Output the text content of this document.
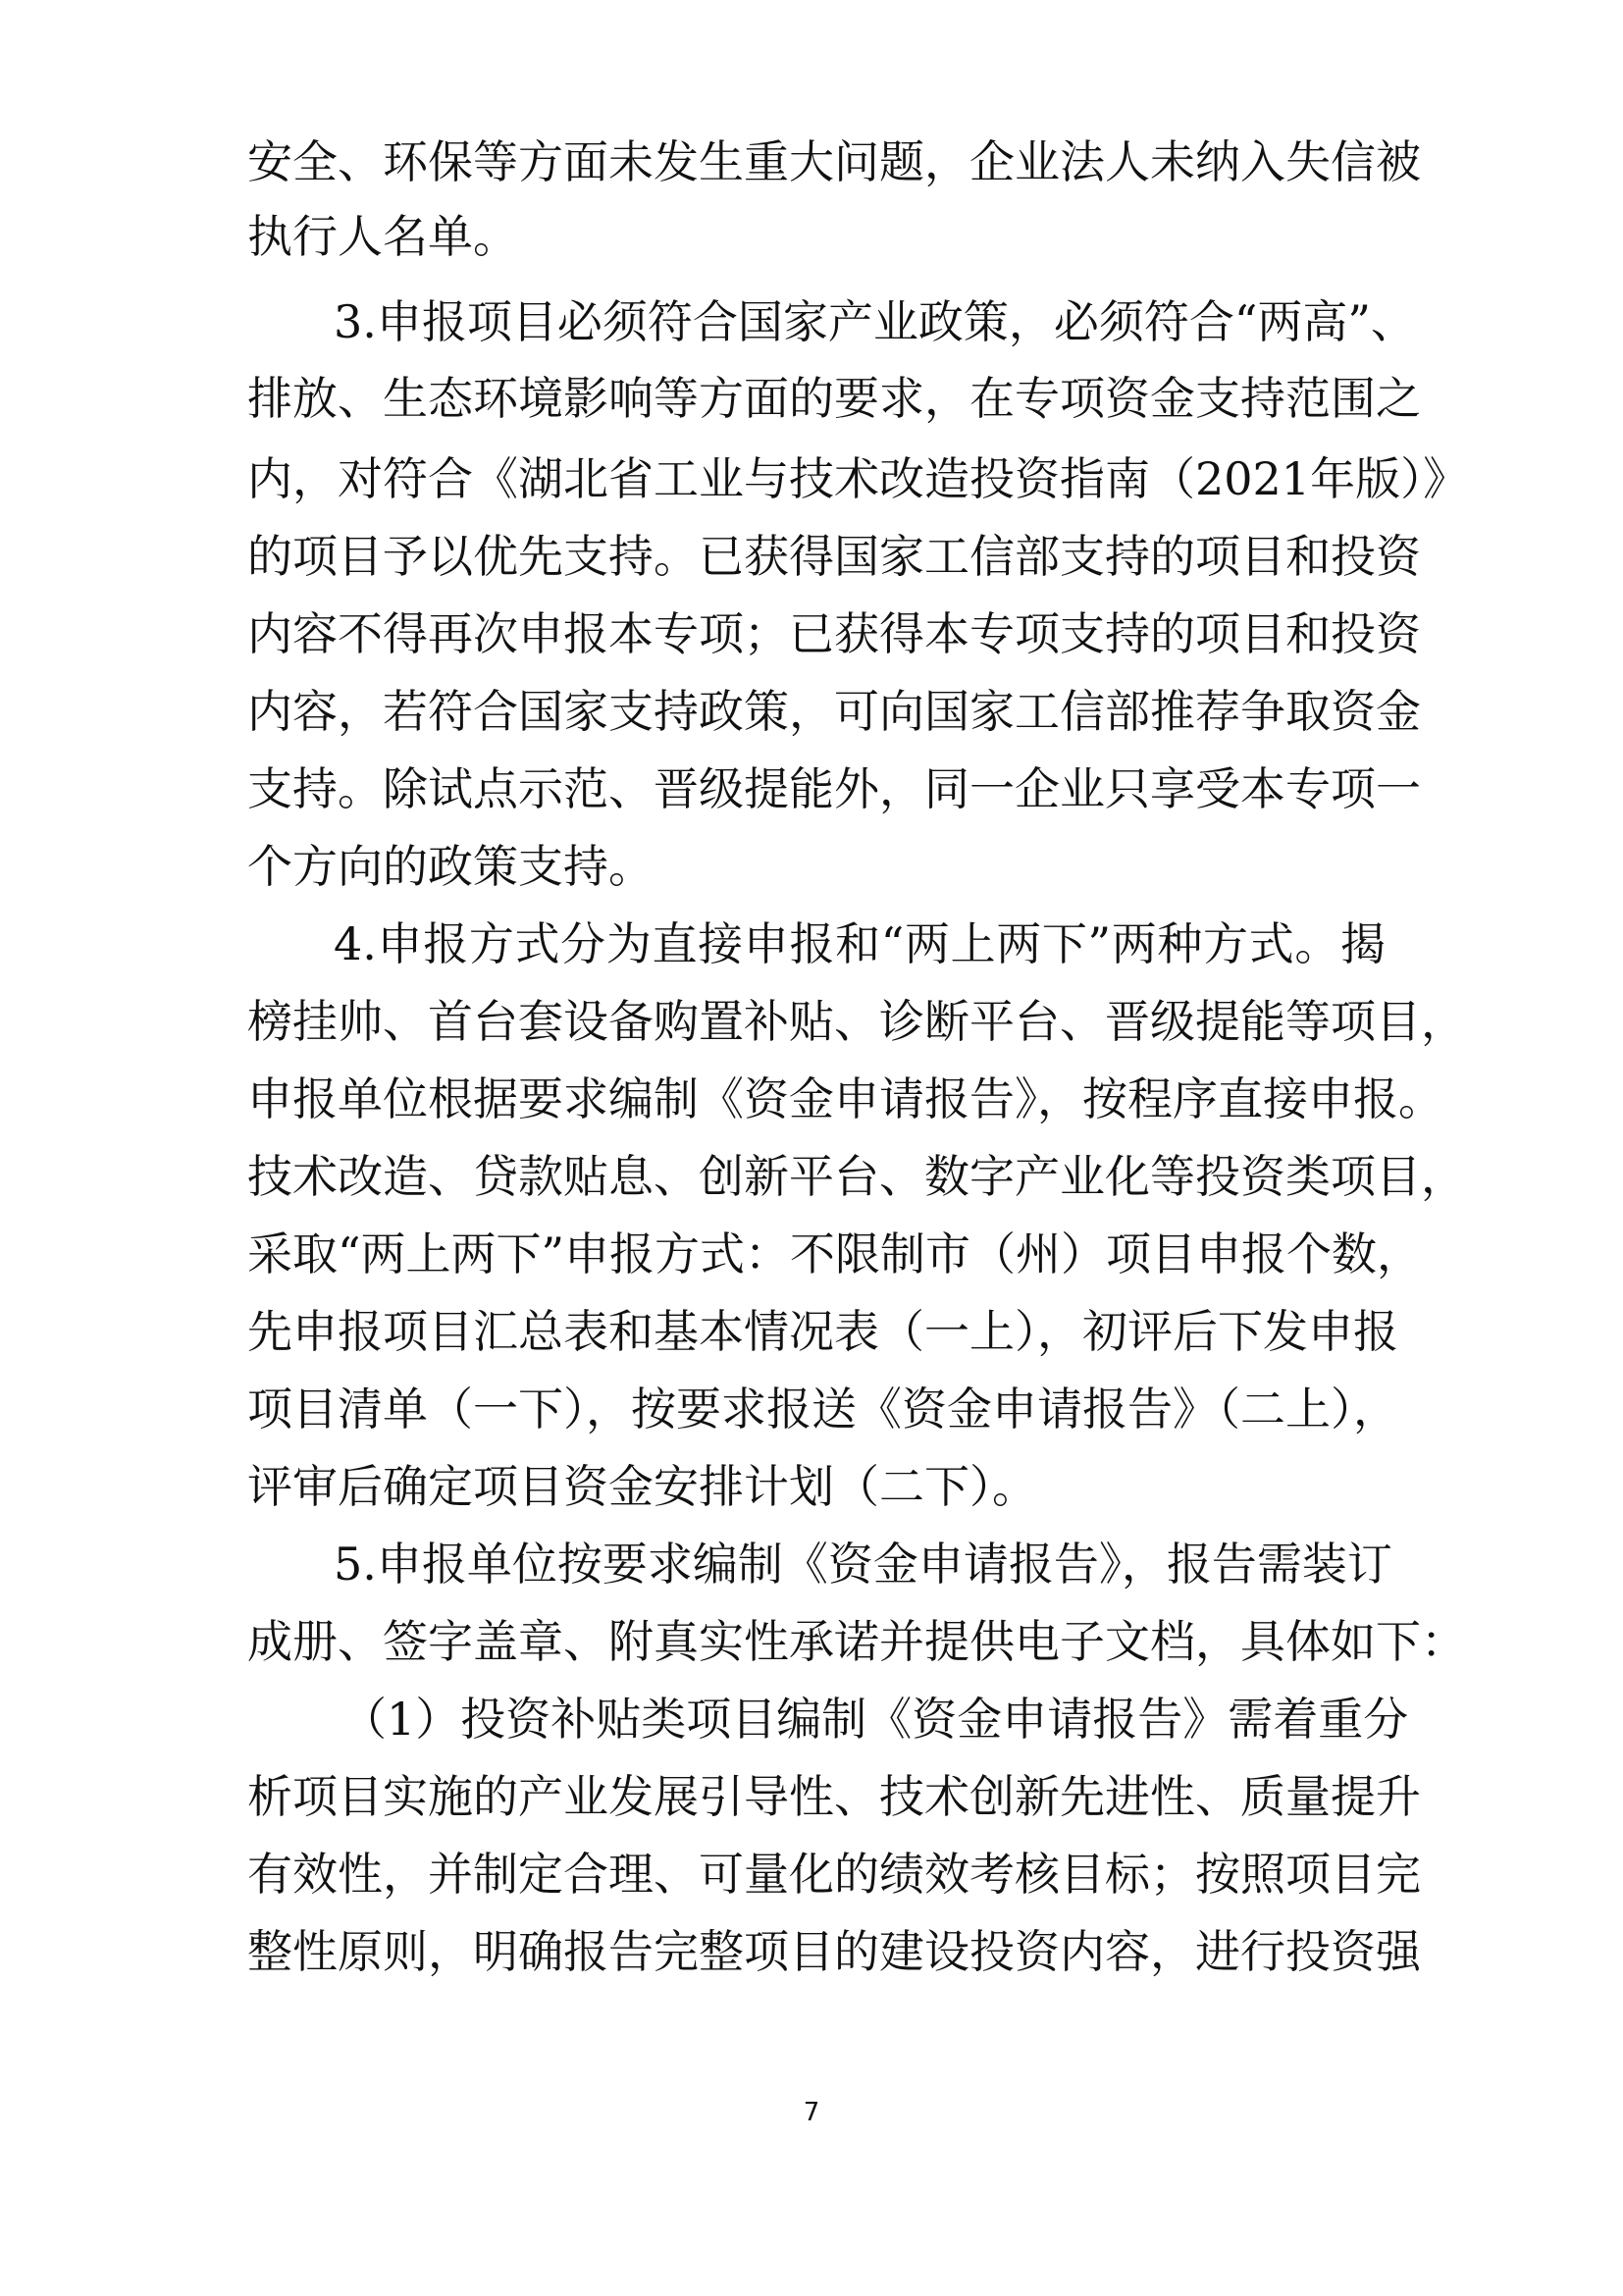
安全、环保等方面未发生重大问题，企业法人未纳入失信被
执行人名单。
3.申报项目必须符合国家产业政策，必须符合“两高”、
排放、生态环境影响等方面的要求，在专项资金支持范围之
内，对符合《湖北省工业与技术改造投资指南（2021年版）》
的项目予以优先支持。已获得国家工信部支持的项目和投资
内容不得再次申报本专项；已获得本专项支持的项目和投资
内容，若符合国家支持政策，可向国家工信部推荐争取资金
支持。除试点示范、晋级提能外，同一企业只享受本专项一
个方向的政策支持。
4.申报方式分为直接申报和“两上两下”两种方式。揭
榜挂帅、首台套设备购置补贴、诊断平台、晋级提能等项目，
申报单位根据要求编制《资金申请报告》，按程序直接申报。
技术改造、贷款贴息、创新平台、数字产业化等投资类项目，
采取“两上两下”申报方式：不限制市（州）项目申报个数，
先申报项目汇总表和基本情况表（一上），初评后下发申报
项目清单（一下），按要求报送《资金申请报告》（二上），
评审后确定项目资金安排计划（二下）。
5.申报单位按要求编制《资金申请报告》，报告需装订
成册、签字盖章、附真实性承诺并提供电子文档，具体如下：
（1）投资补贴类项目编制《资金申请报告》需着重分
析项目实施的产业发展引导性、技术创新先进性、质量提升
有效性，并制定合理、可量化的绩效考核目标；按照项目完
整性原则，明确报告完整项目的建设投资内容，进行投资强
7
